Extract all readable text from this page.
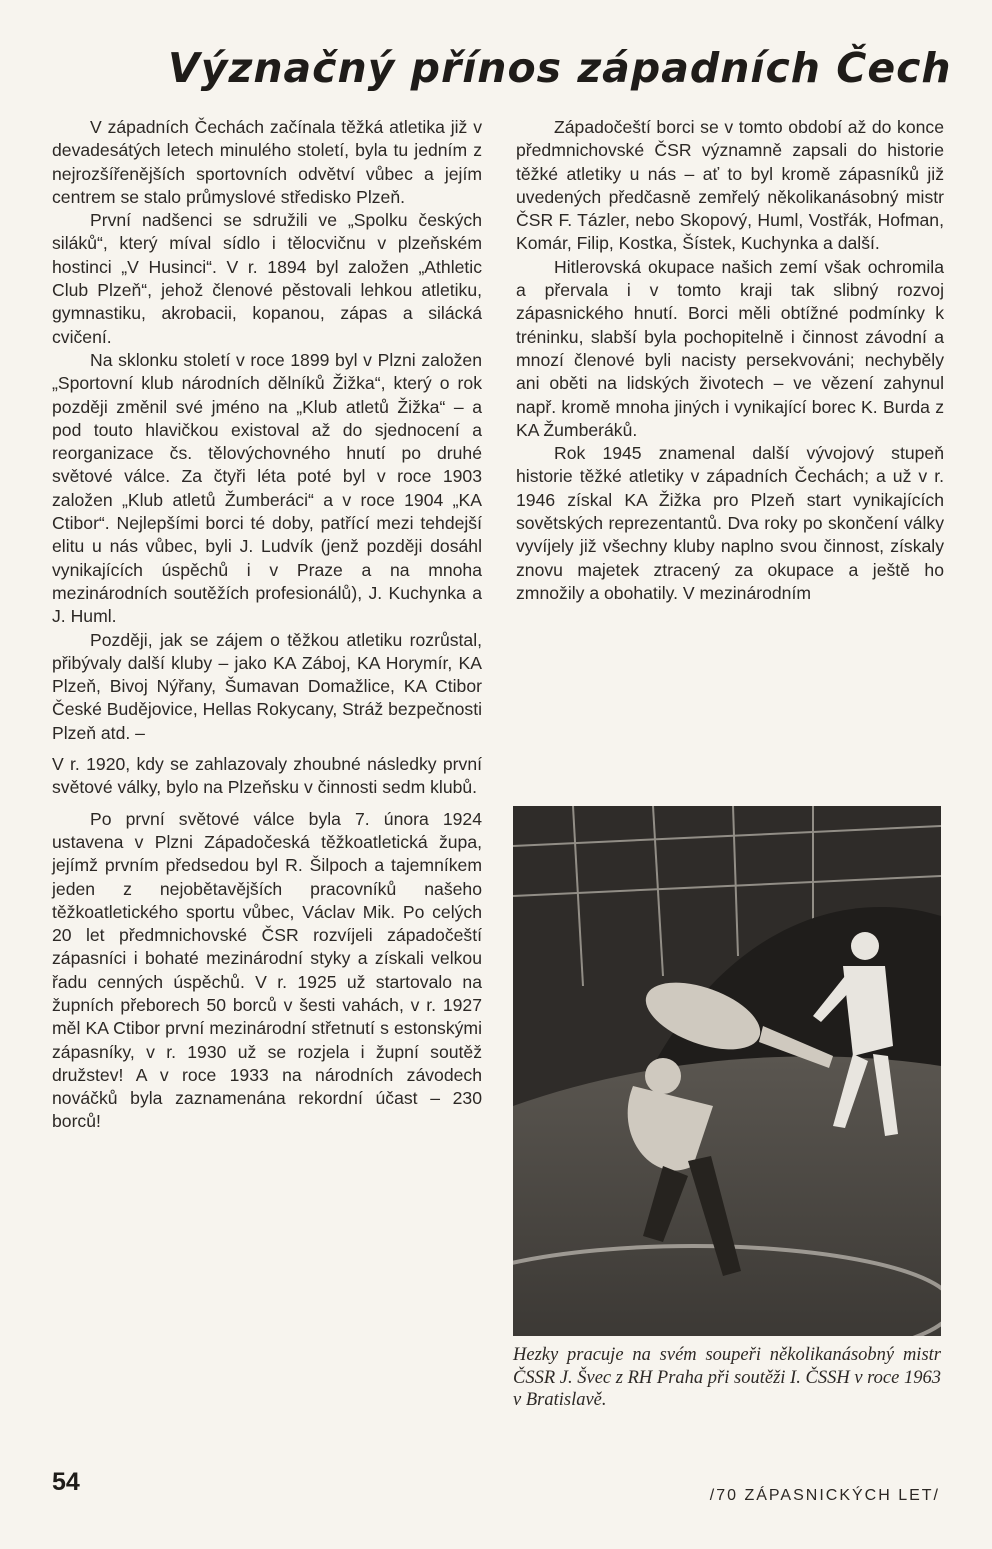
Význačný přínos západních Čech

V západních Čechách začínala těžká atletika již v devadesátých letech minulého století, byla tu jedním z nejrozšířenějších sportovních odvětví vůbec a jejím centrem se stalo průmyslové středisko Plzeň.

První nadšenci se sdružili ve „Spolku českých siláků“, který míval sídlo i tělocvičnu v plzeňském hostinci „V Husinci“. V r. 1894 byl založen „Athletic Club Plzeň“, jehož členové pěstovali lehkou atletiku, gymnastiku, akrobacii, kopanou, zápas a silácká cvičení.

Na sklonku století v roce 1899 byl v Plzni založen „Sportovní klub národních dělníků Žižka“, který o rok později změnil své jméno na „Klub atletů Žižka“ – a pod touto hlavičkou existoval až do sjednocení a reorganizace čs. tělovýchovného hnutí po druhé světové válce. Za čtyři léta poté byl v roce 1903 založen „Klub atletů Žumberáci“ a v roce 1904 „KA Ctibor“. Nejlepšími borci té doby, patřící mezi tehdejší elitu u nás vůbec, byli J. Ludvík (jenž později dosáhl vynikajících úspěchů i v Praze a na mnoha mezinárodních soutěžích profesionálů), J. Kuchynka a J. Huml.

Později, jak se zájem o těžkou atletiku rozrůstal, přibývaly další kluby – jako KA Záboj, KA Horymír, KA Plzeň, Bivoj Nýřany, Šumavan Domažlice, KA Ctibor České Budějovice, Hellas Rokycany, Stráž bezpečnosti Plzeň atd. –

V r. 1920, kdy se zahlazovaly zhoubné následky první světové války, bylo na Plzeňsku v činnosti sedm klubů.

Po první světové válce byla 7. února 1924 ustavena v Plzni Západočeská těžkoatletická župa, jejímž prvním předsedou byl R. Šilpoch a tajemníkem jeden z nejobětavějších pracovníků našeho těžkoatletického sportu vůbec, Václav Mik. Po celých 20 let předmnichovské ČSR rozvíjeli západočeští zápasníci i bohaté mezinárodní styky a získali velkou řadu cenných úspěchů. V r. 1925 už startovalo na župních přeborech 50 borců v šesti vahách, v r. 1927 měl KA Ctibor první mezinárodní střetnutí s estonskými zápasníky, v r. 1930 už se rozjela i župní soutěž družstev! A v roce 1933 na národních závodech nováčků byla zaznamenána rekordní účast – 230 borců!

Západočeští borci se v tomto období až do konce předmnichovské ČSR významně zapsali do historie těžké atletiky u nás – ať to byl kromě zápasníků již uvedených předčasně zemřelý několikanásobný mistr ČSR F. Tázler, nebo Skopový, Huml, Vostřák, Hofman, Komár, Filip, Kostka, Šístek, Kuchynka a další.

Hitlerovská okupace našich zemí však ochromila a přervala i v tomto kraji tak slibný rozvoj zápasnického hnutí. Borci měli obtížné podmínky k tréninku, slabší byla pochopitelně i činnost závodní a mnozí členové byli nacisty persekvováni; nechyběly ani oběti na lidských životech – ve vězení zahynul např. kromě mnoha jiných i vynikající borec K. Burda z KA Žumberáků.

Rok 1945 znamenal další vývojový stupeň historie těžké atletiky v západních Čechách; a už v r. 1946 získal KA Žižka pro Plzeň start vynikajících sovětských reprezentantů. Dva roky po skončení války vyvíjely již všechny kluby naplno svou činnost, získaly znovu majetek ztracený za okupace a ještě ho zmnožily a obohatily. V mezinárodním

Hezky pracuje na svém soupeři několikanásobný mistr ČSSR J. Švec z RH Praha při soutěži I. ČSSH v roce 1963 v Bratislavě.
54	/70 ZÁPASNICKÝCH LET/
